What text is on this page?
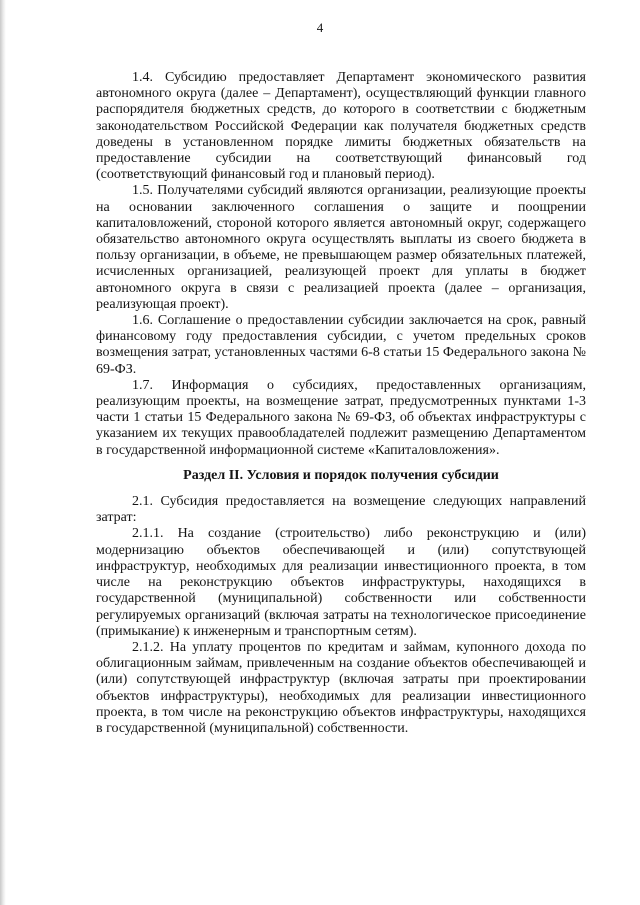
4

1.4. Субсидию предоставляет Департамент экономического развития автономного округа (далее – Департамент), осуществляющий функции главного распорядителя бюджетных средств, до которого в соответствии с бюджетным законодательством Российской Федерации как получателя бюджетных средств доведены в установленном порядке лимиты бюджетных обязательств на предоставление субсидии на соответствующий финансовый год (соответствующий финансовый год и плановый период).

1.5. Получателями субсидий являются организации, реализующие проекты на основании заключенного соглашения о защите и поощрении капиталовложений, стороной которого является автономный округ, содержащего обязательство автономного округа осуществлять выплаты из своего бюджета в пользу организации, в объеме, не превышающем размер обязательных платежей, исчисленных организацией, реализующей проект для уплаты в бюджет автономного округа в связи с реализацией проекта (далее – организация, реализующая проект).

1.6. Соглашение о предоставлении субсидии заключается на срок, равный финансовому году предоставления субсидии, с учетом предельных сроков возмещения затрат, установленных частями 6-8 статьи 15 Федерального закона № 69-ФЗ.

1.7. Информация о субсидиях, предоставленных организациям, реализующим проекты, на возмещение затрат, предусмотренных пунктами 1-3 части 1 статьи 15 Федерального закона № 69-ФЗ, об объектах инфраструктуры с указанием их текущих правообладателей подлежит размещению Департаментом в государственной информационной системе «Капиталовложения».

Раздел II. Условия и порядок получения субсидии

2.1. Субсидия предоставляется на возмещение следующих направлений затрат:

2.1.1. На создание (строительство) либо реконструкцию и (или) модернизацию объектов обеспечивающей и (или) сопутствующей инфраструктур, необходимых для реализации инвестиционного проекта, в том числе на реконструкцию объектов инфраструктуры, находящихся в государственной (муниципальной) собственности или собственности регулируемых организаций (включая затраты на технологическое присоединение (примыкание) к инженерным и транспортным сетям).

2.1.2. На уплату процентов по кредитам и займам, купонного дохода по облигационным займам, привлеченным на создание объектов обеспечивающей и (или) сопутствующей инфраструктур (включая затраты при проектировании объектов инфраструктуры), необходимых для реализации инвестиционного проекта, в том числе на реконструкцию объектов инфраструктуры, находящихся в государственной (муниципальной) собственности.
